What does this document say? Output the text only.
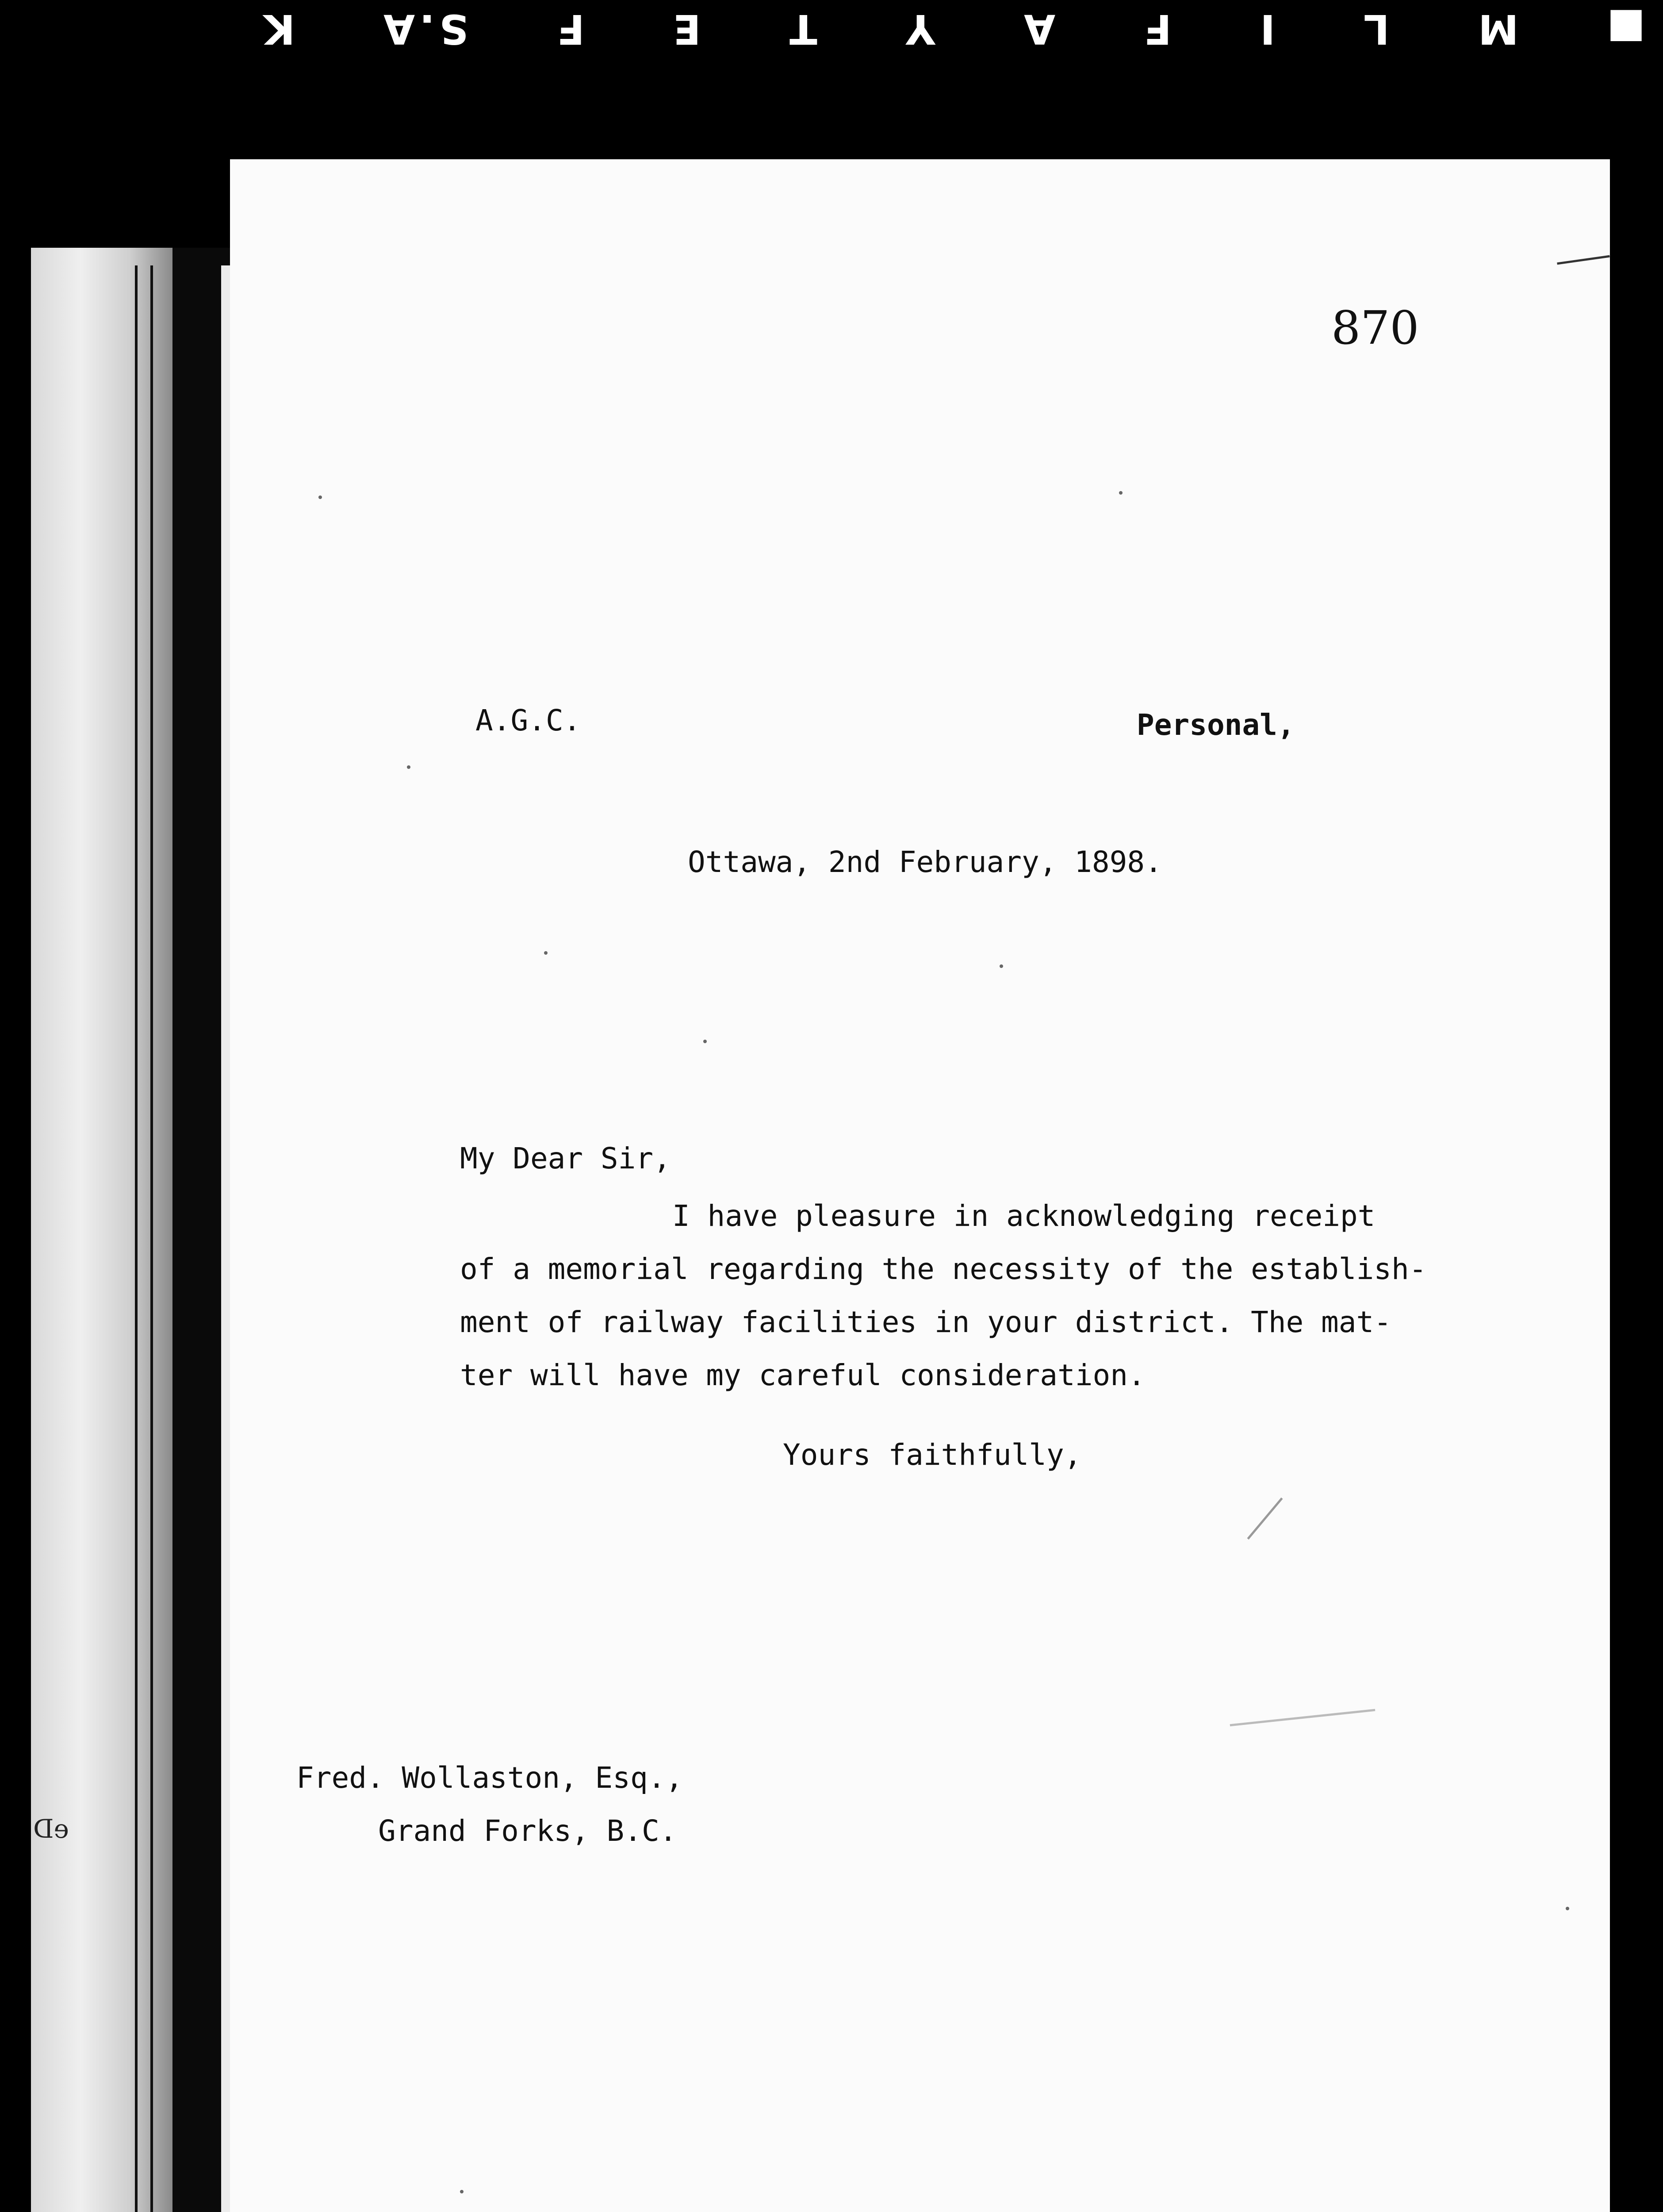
K S.A F E T Y A F I L M ■
eD
870
A.G.C.	Personal,
Ottawa, 2nd February, 1898.
My Dear Sir,
I have pleasure in acknowledging receipt
of a memorial regarding the necessity of the establish-
ment of railway facilities in your district. The mat-
ter will have my careful consideration.
Yours faithfully,
Fred. Wollaston, Esq.,
Grand Forks, B.C.
